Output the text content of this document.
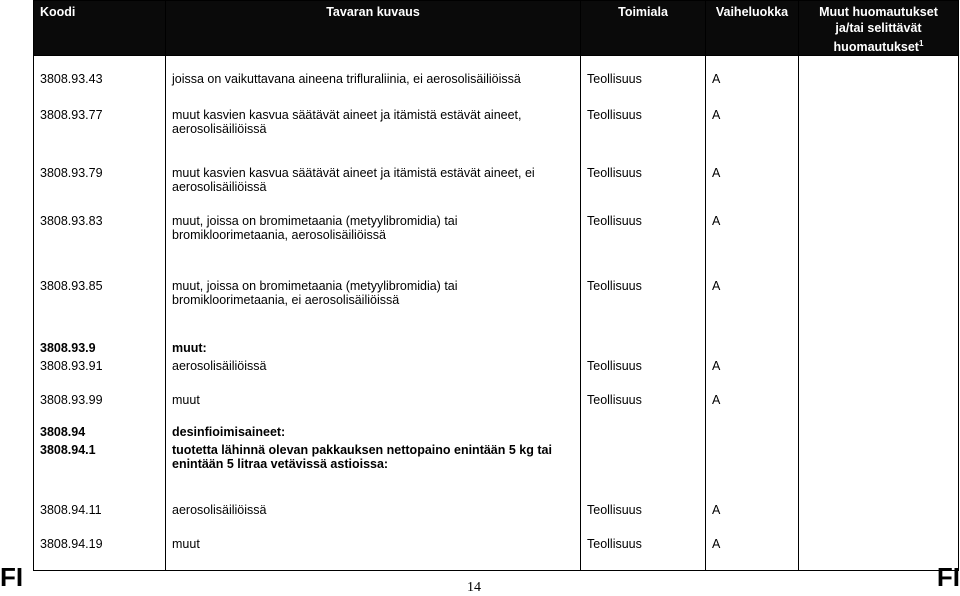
Koodi	Tavaran kuvaus	Toimiala	Vaiheluokka	Muut huomautukset ja/tai selittävät huomautukset$^1$
3808.93.43	joissa on vaikuttavana aineena trifluraliinia, ei aerosolisäiliöissä	Teollisuus	A	
3808.93.77	muut kasvien kasvua säätävät aineet ja itämistä estävät aineet, aerosolisäiliöissä	Teollisuus	A	
3808.93.79	muut kasvien kasvua säätävät aineet ja itämistä estävät aineet, ei aerosolisäiliöissä	Teollisuus	A	
3808.93.83	muut, joissa on bromimetaania (metyylibromidia) tai bromikloorimetaania, aerosolisäiliöissä	Teollisuus	A	
3808.93.85	muut, joissa on bromimetaania (metyylibromidia) tai bromikloorimetaania, ei aerosolisäiliöissä	Teollisuus	A	
3808.93.9	muut:			
3808.93.91	aerosolisäiliöissä	Teollisuus	A	
3808.93.99	muut	Teollisuus	A	
3808.94	desinfioimisaineet:			
3808.94.1	tuotetta lähinnä olevan pakkauksen nettopaino enintään 5 kg tai enintään 5 litraa vetävissä astioissa:			
3808.94.11	aerosolisäiliöissä	Teollisuus	A	
3808.94.19	muut	Teollisuus	A	
FI	14	FI
